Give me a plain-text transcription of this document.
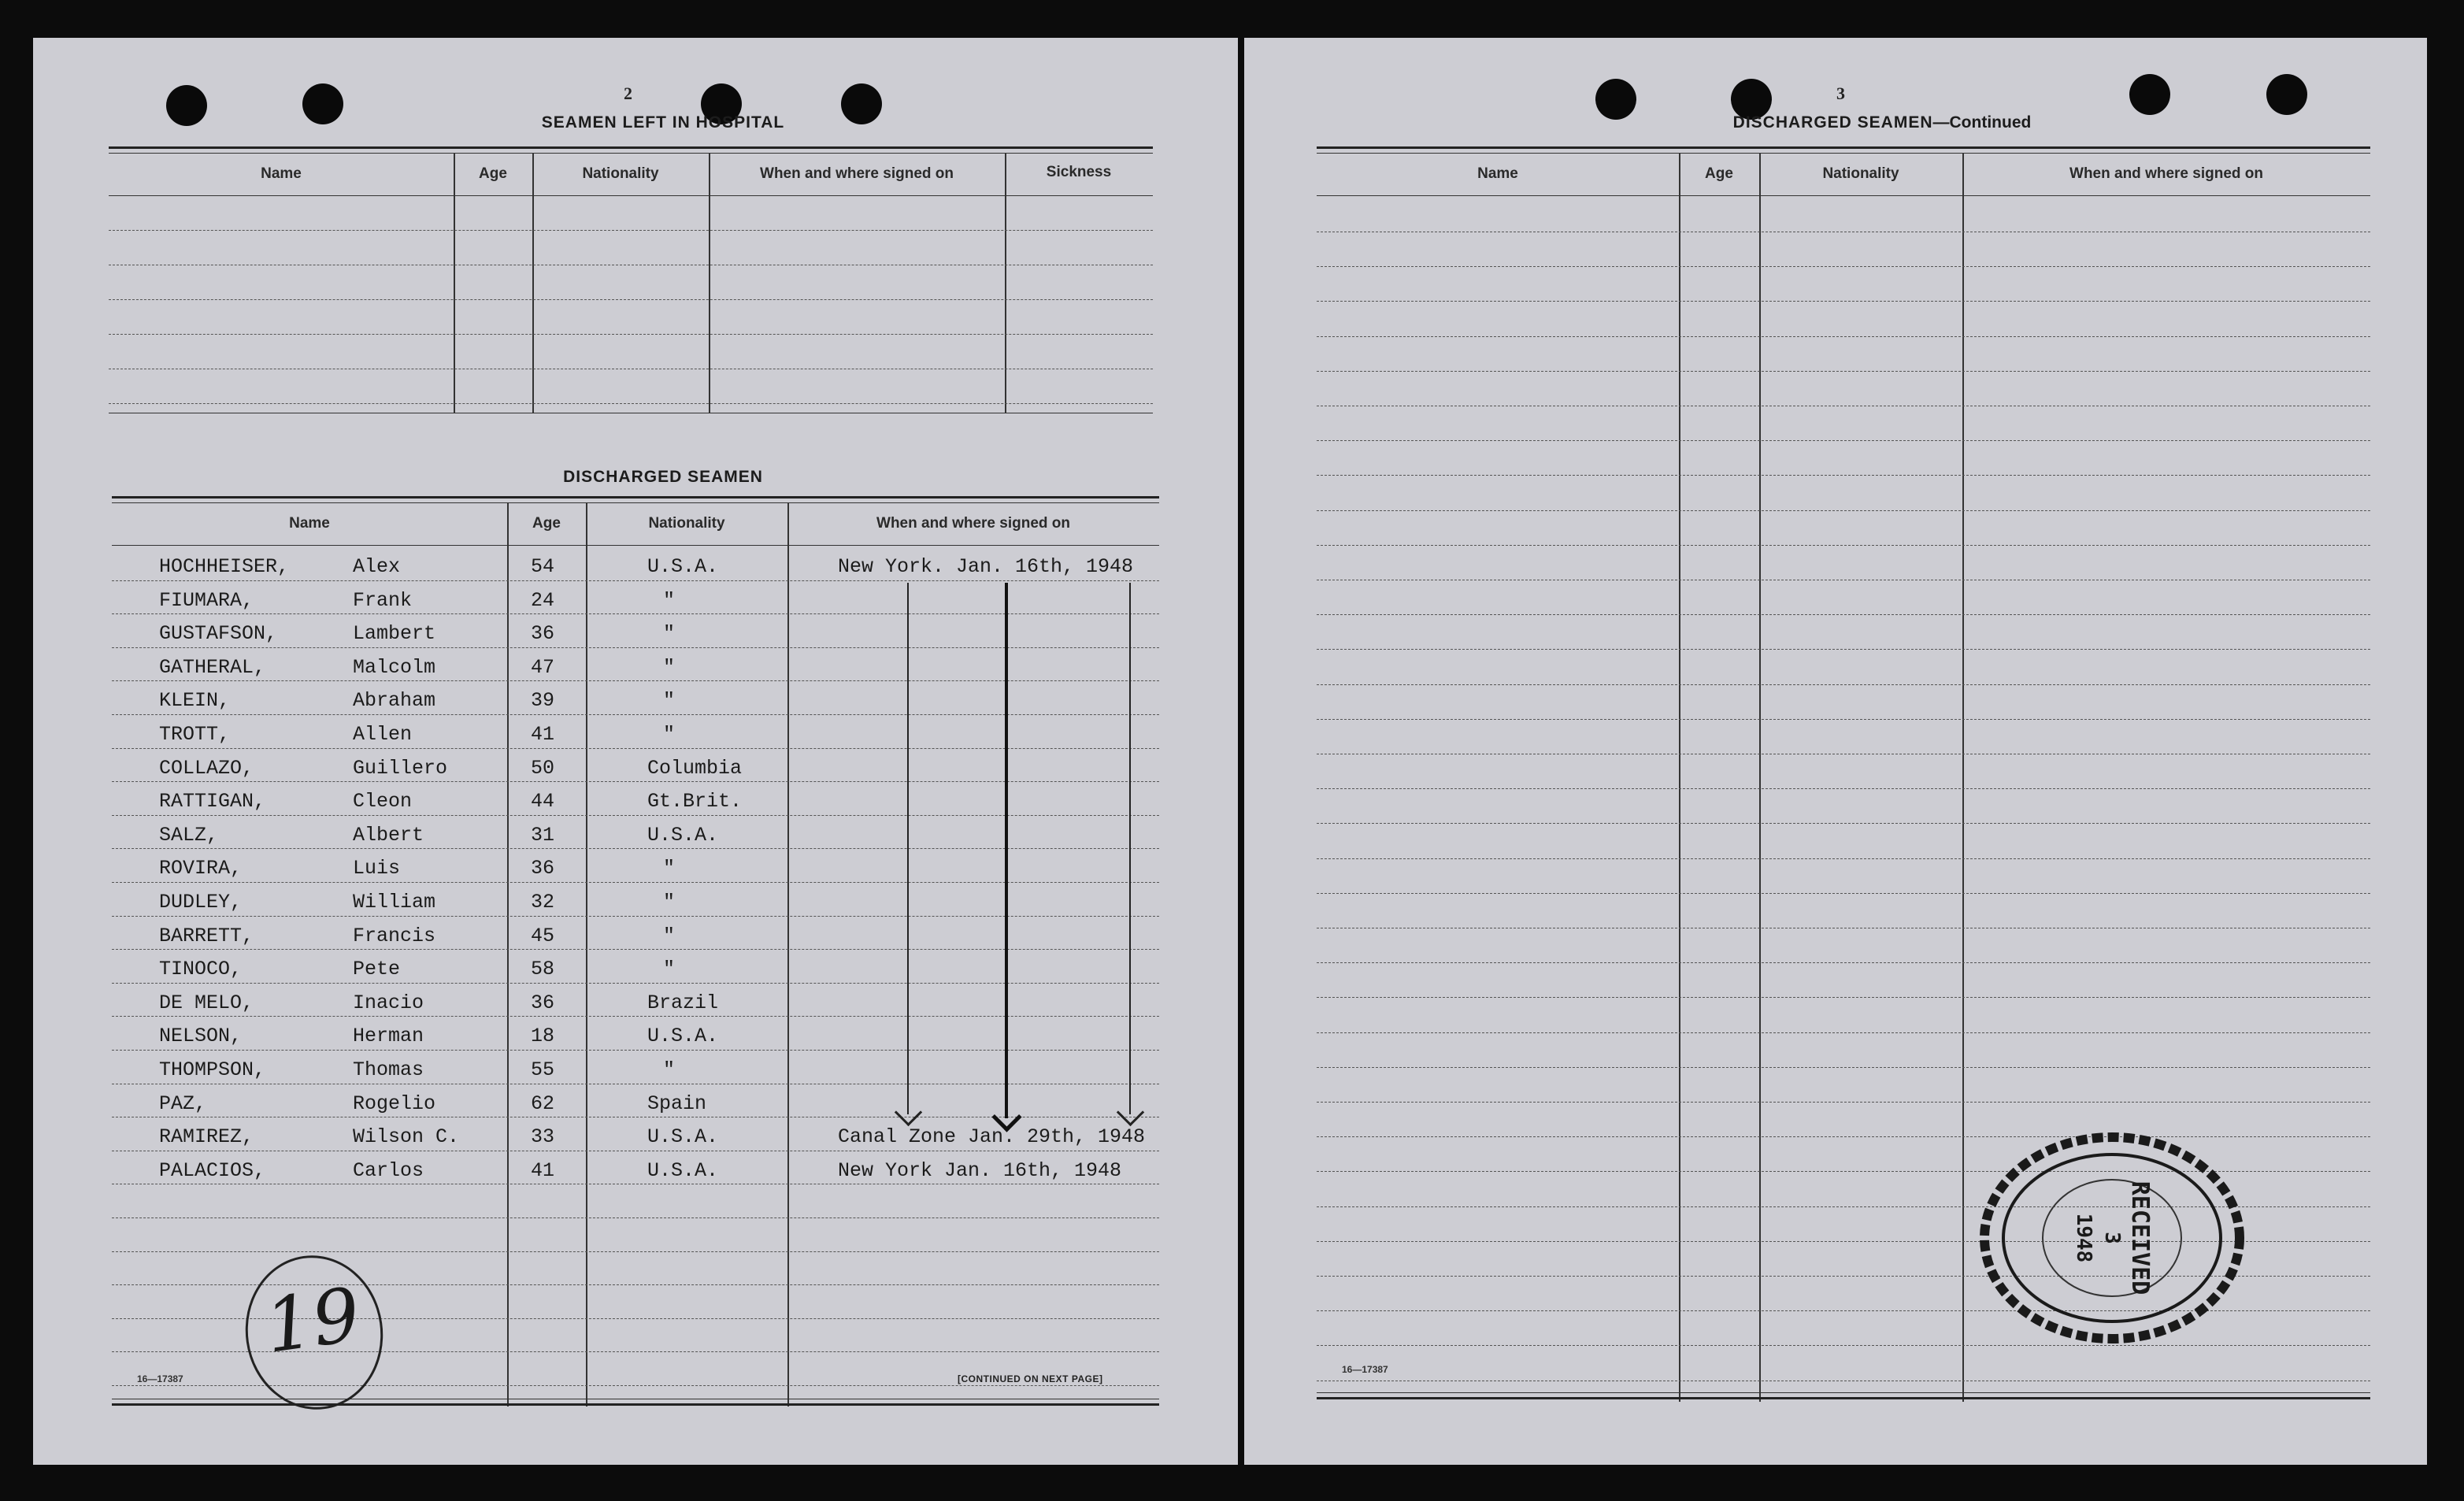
2
SEAMEN LEFT IN HOSPITAL
Name	Age	Nationality	When and where signed on	Sickness
DISCHARGED SEAMEN
Name	Age	Nationality	When and where signed on
HOCHHEISER,	Alex	54	U.S.A.	New York. Jan. 16th, 1948
FIUMARA,	Frank	24	"
GUSTAFSON,	Lambert	36	"
GATHERAL,	Malcolm	47	"
KLEIN,	Abraham	39	"
TROTT,	Allen	41	"
COLLAZO,	Guillero	50	Columbia
RATTIGAN,	Cleon	44	Gt.Brit.
SALZ,	Albert	31	U.S.A.
ROVIRA,	Luis	36	"
DUDLEY,	William	32	"
BARRETT,	Francis	45	"
TINOCO,	Pete	58	"
DE MELO,	Inacio	36	Brazil
NELSON,	Herman	18	U.S.A.
THOMPSON,	Thomas	55	"
PAZ,	Rogelio	62	Spain
RAMIREZ,	Wilson C.	33	U.S.A.	Canal Zone Jan. 29th, 1948
PALACIOS,	Carlos	41	U.S.A.	New York Jan. 16th, 1948
19
16—17387	[CONTINUED ON NEXT PAGE]
3
DISCHARGED SEAMEN—Continued
Name	Age	Nationality	When and where signed on
16—17387
RECEIVED
3
1948
